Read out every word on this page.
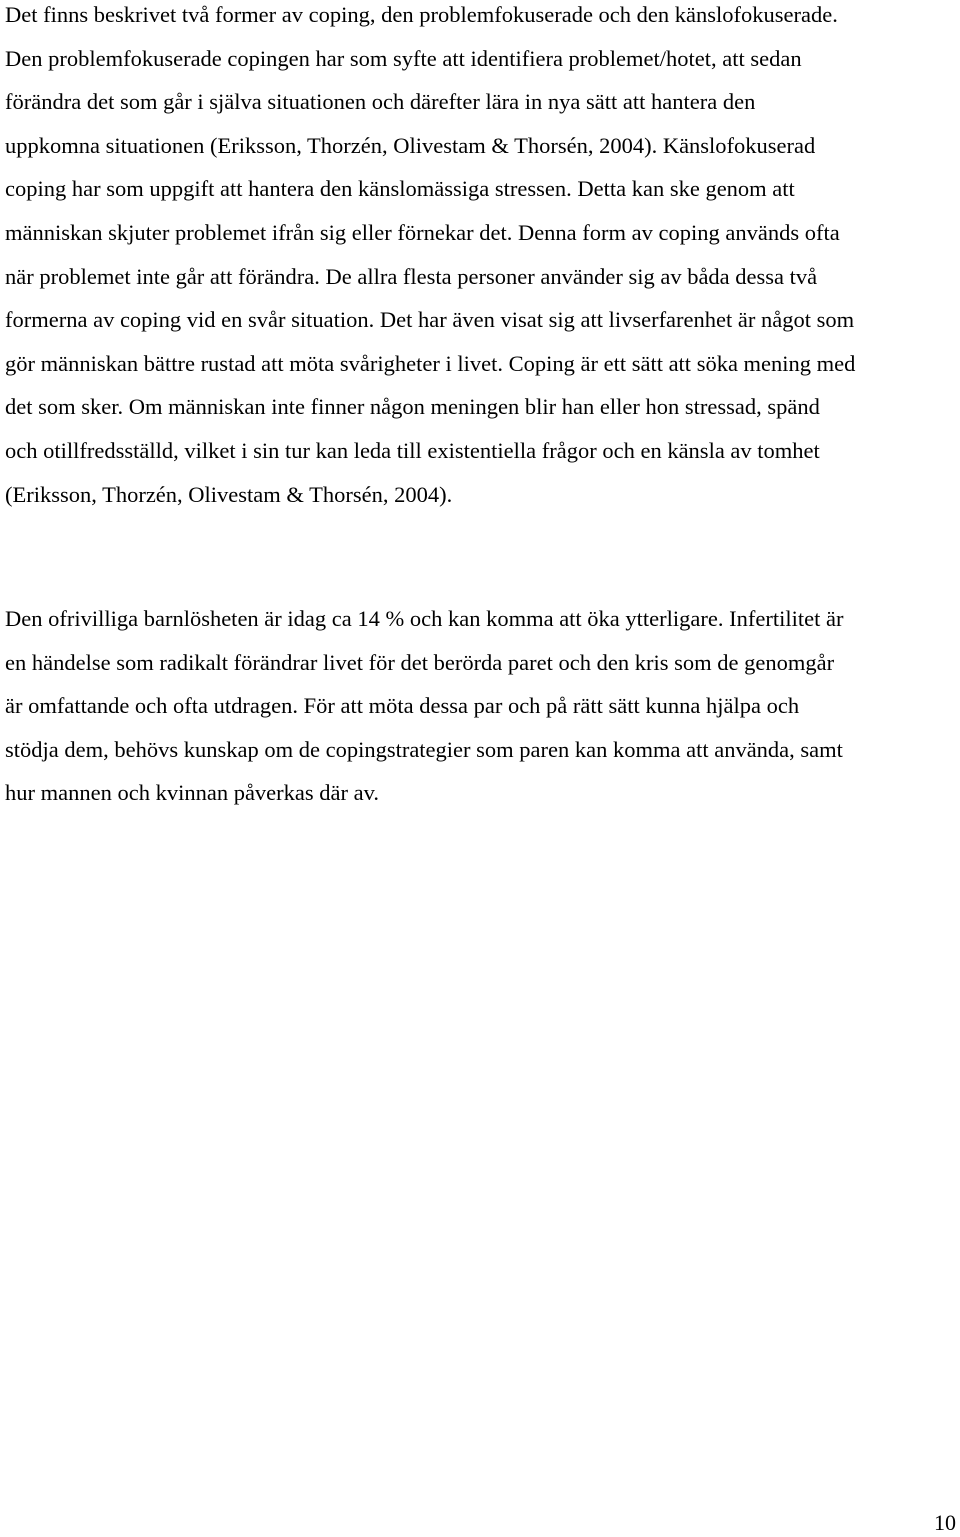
Det finns beskrivet två former av coping, den problemfokuserade och den känslofokuserade.
Den problemfokuserade copingen har som syfte att identifiera problemet/hotet, att sedan
förändra det som går i själva situationen och därefter lära in nya sätt att hantera den
uppkomna situationen (Eriksson, Thorzén, Olivestam & Thorsén, 2004). Känslofokuserad
coping har som uppgift att hantera den känslomässiga stressen. Detta kan ske genom att
människan skjuter problemet ifrån sig eller förnekar det. Denna form av coping används ofta
när problemet inte går att förändra. De allra flesta personer använder sig av båda dessa två
formerna av coping vid en svår situation. Det har även visat sig att livserfarenhet är något som
gör människan bättre rustad att möta svårigheter i livet. Coping är ett sätt att söka mening med
det som sker. Om människan inte finner någon meningen blir han eller hon stressad, spänd
och otillfredsställd, vilket i sin tur kan leda till existentiella frågor och en känsla av tomhet
(Eriksson, Thorzén, Olivestam & Thorsén, 2004).

Den ofrivilliga barnlösheten är idag ca 14 % och kan komma att öka ytterligare. Infertilitet är
en händelse som radikalt förändrar livet för det berörda paret och den kris som de genomgår
är omfattande och ofta utdragen. För att möta dessa par och på rätt sätt kunna hjälpa och
stödja dem, behövs kunskap om de copingstrategier som paren kan komma att använda, samt
hur mannen och kvinnan påverkas där av.

10
